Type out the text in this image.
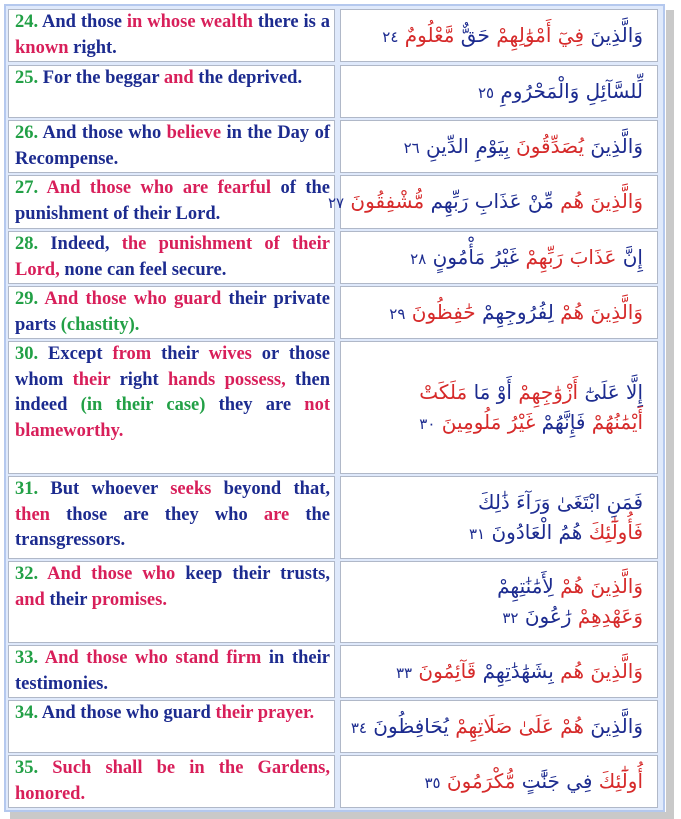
24. And those in whose wealth there is a known right.
وَالَّذِينَ فِيٓ أَمْوَٰلِهِمْ حَقٌّ مَّعْلُومٌ ٢٤
25. For the beggar and the deprived.
لِّلسَّآئِلِ وَالْمَحْرُومِ ٢٥
26. And those who believe in the Day of Recompense.
وَالَّذِينَ يُصَدِّقُونَ بِيَوْمِ الدِّينِ ٢٦
27. And those who are fearful of the punishment of their Lord.
وَالَّذِينَ هُم مِّنْ عَذَابِ رَبِّهِم مُّشْفِقُونَ ٢٧
28. Indeed, the punishment of their Lord, none can feel secure.
إِنَّ عَذَابَ رَبِّهِمْ غَيْرُ مَأْمُونٍ ٢٨
29. And those who guard their private parts (chastity).
وَالَّذِينَ هُمْ لِفُرُوجِهِمْ حَٰفِظُونَ ٢٩
30. Except from their wives or those whom their right hands possess, then indeed (in their case) they are not blameworthy.
إِلَّا عَلَىٰٓ أَزْوَٰجِهِمْ أَوْ مَا مَلَكَتْ
أَيْمَٰنُهُمْ فَإِنَّهُمْ غَيْرُ مَلُومِينَ ٣٠
31. But whoever seeks beyond that, then those are they who are the transgressors.
فَمَنِ ابْتَغَىٰ وَرَآءَ ذَٰلِكَ
فَأُولَٰٓئِكَ هُمُ الْعَادُونَ ٣١
32. And those who keep their trusts, and their promises.
وَالَّذِينَ هُمْ لِأَمَٰنَٰتِهِمْ
وَعَهْدِهِمْ رَٰعُونَ ٣٢
33. And those who stand firm in their testimonies.
وَالَّذِينَ هُم بِشَهَٰدَٰتِهِمْ قَآئِمُونَ ٣٣
34. And those who guard their prayer.
وَالَّذِينَ هُمْ عَلَىٰ صَلَاتِهِمْ يُحَافِظُونَ ٣٤
35. Such shall be in the Gardens, honored.
أُولَٰٓئِكَ فِي جَنَّٰتٍ مُّكْرَمُونَ ٣٥
